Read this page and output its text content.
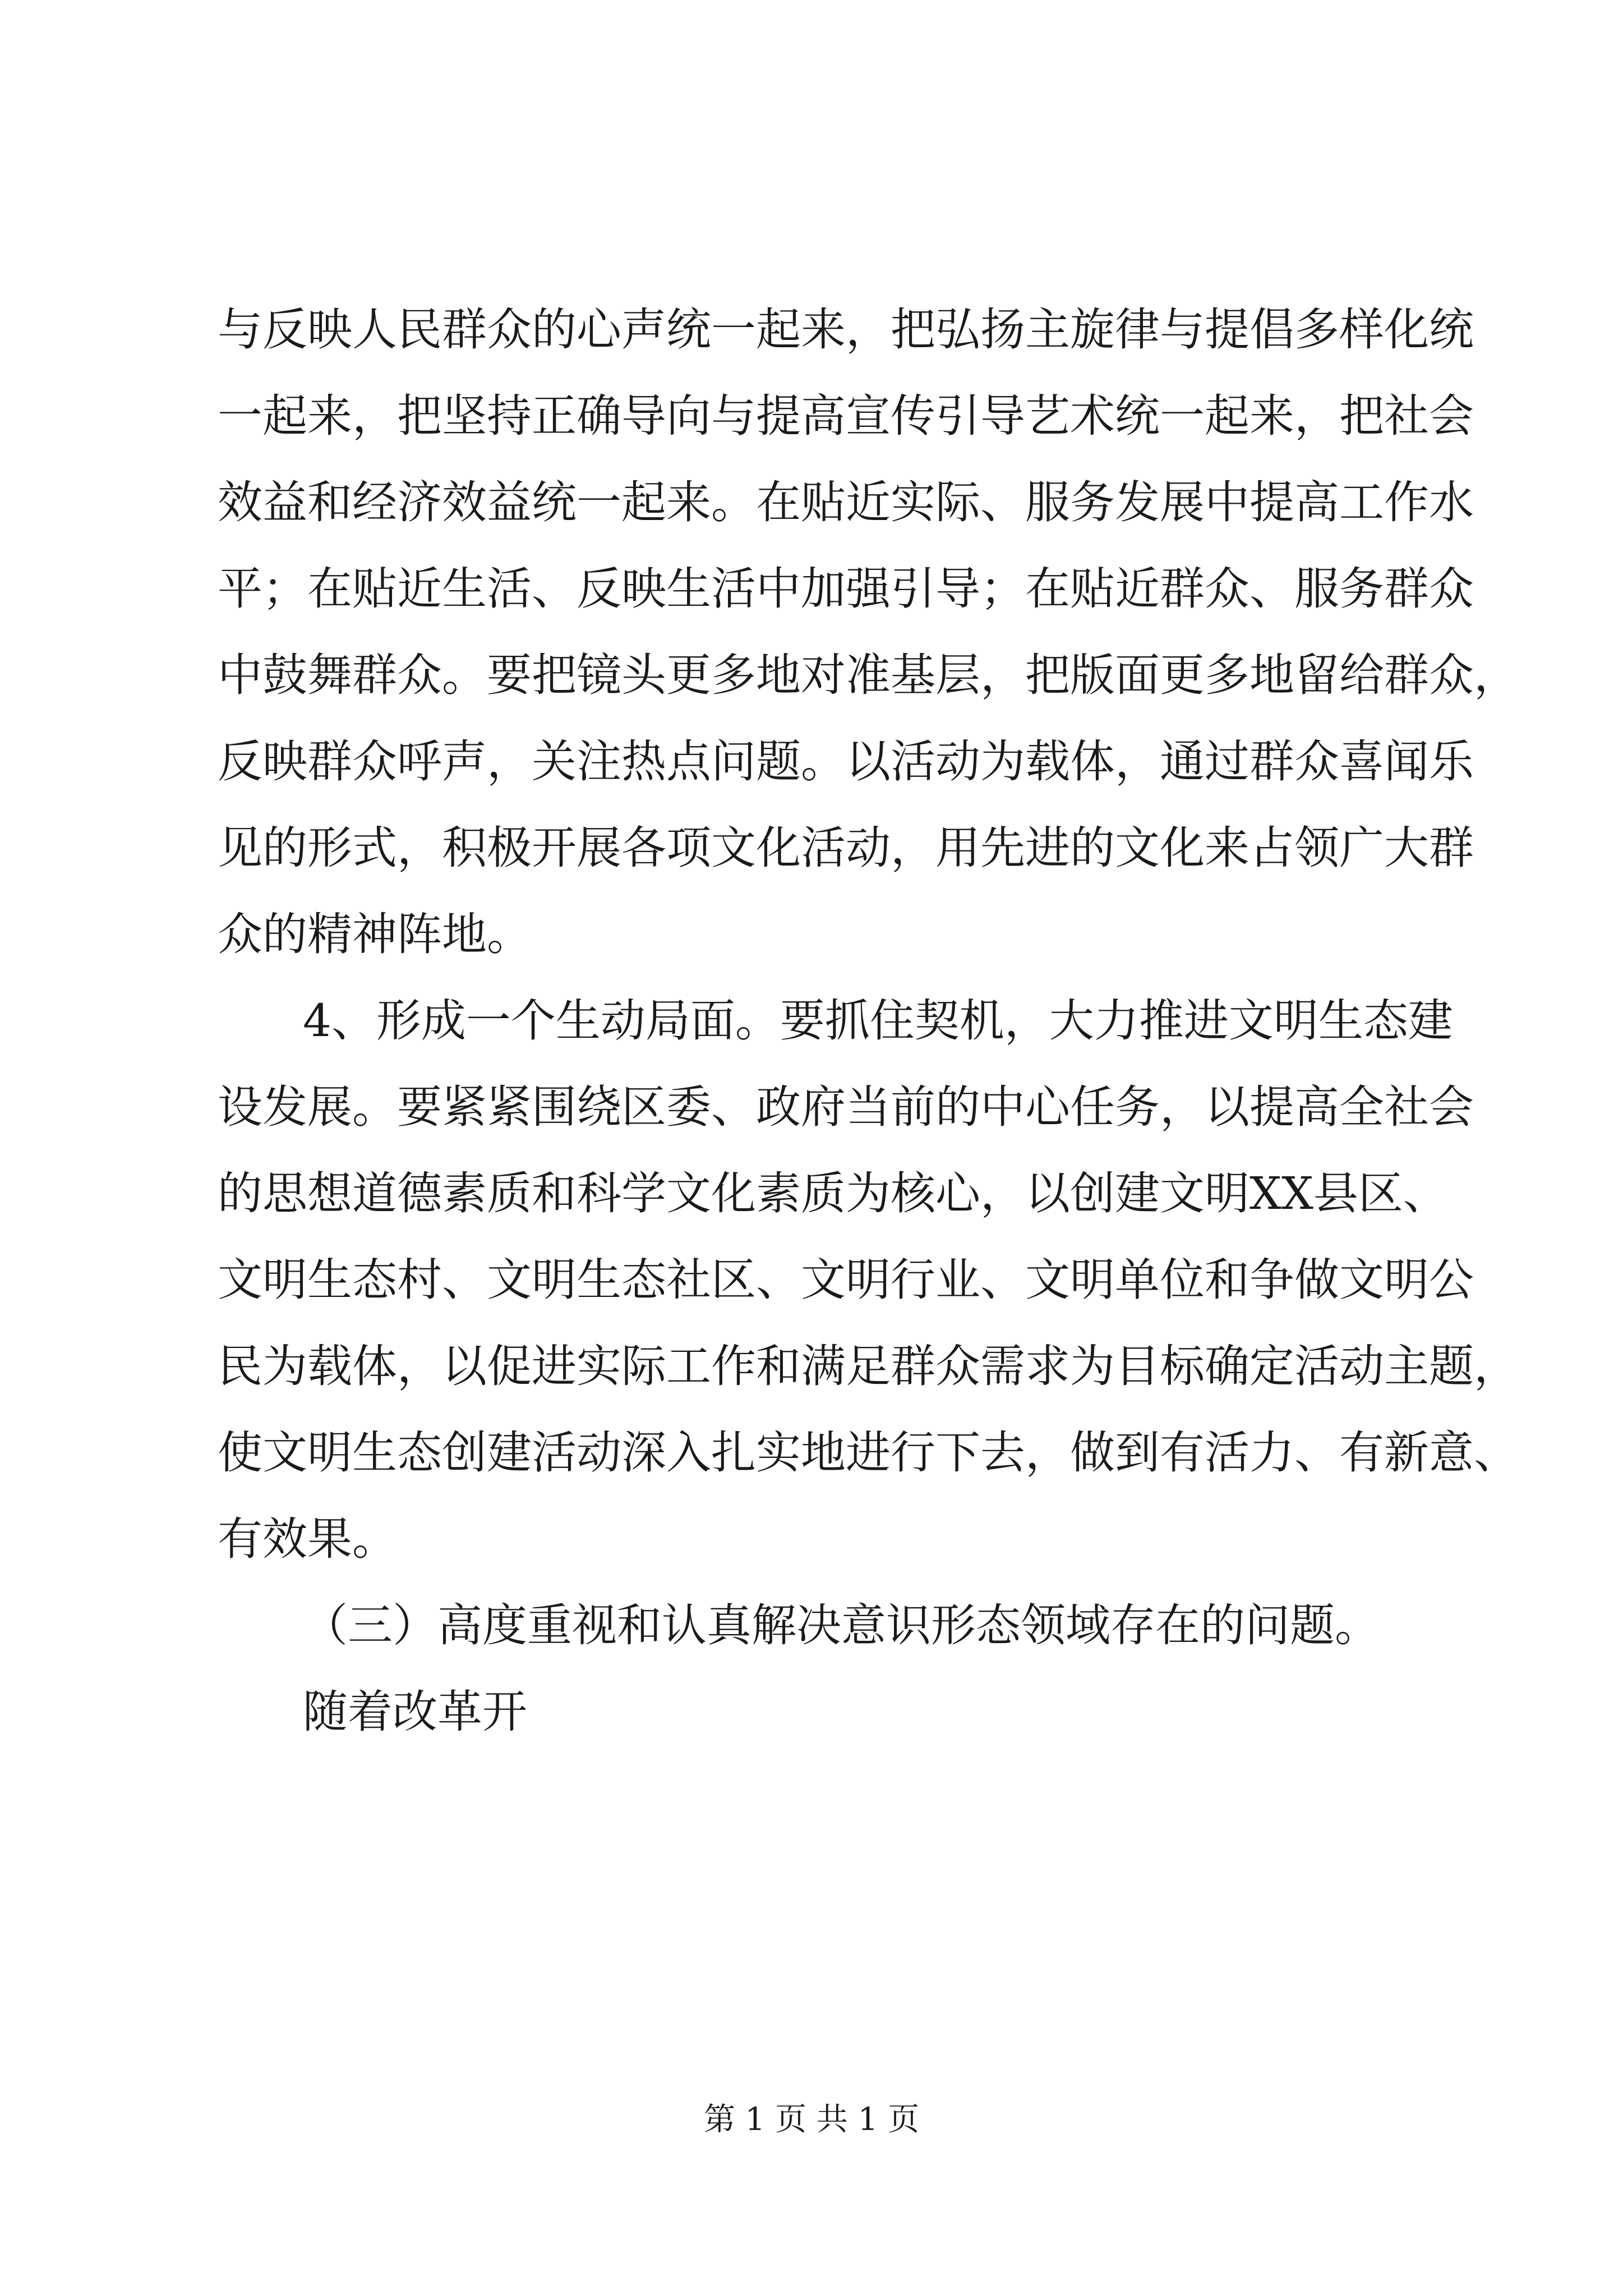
与反映人民群众的心声统一起来，把弘扬主旋律与提倡多样化统
一起来，把坚持正确导向与提高宣传引导艺术统一起来，把社会
效益和经济效益统一起来。在贴近实际、服务发展中提高工作水
平；在贴近生活、反映生活中加强引导；在贴近群众、服务群众
中鼓舞群众。要把镜头更多地对准基层，把版面更多地留给群众，
反映群众呼声，关注热点问题。以活动为载体，通过群众喜闻乐
见的形式，积极开展各项文化活动，用先进的文化来占领广大群
众的精神阵地。
4、形成一个生动局面。要抓住契机，大力推进文明生态建
设发展。要紧紧围绕区委、政府当前的中心任务，以提高全社会
的思想道德素质和科学文化素质为核心，以创建文明XX县区、
文明生态村、文明生态社区、文明行业、文明单位和争做文明公
民为载体，以促进实际工作和满足群众需求为目标确定活动主题，
使文明生态创建活动深入扎实地进行下去，做到有活力、有新意、
有效果。
（三）高度重视和认真解决意识形态领域存在的问题。
随着改革开
第 1 页 共 1 页
